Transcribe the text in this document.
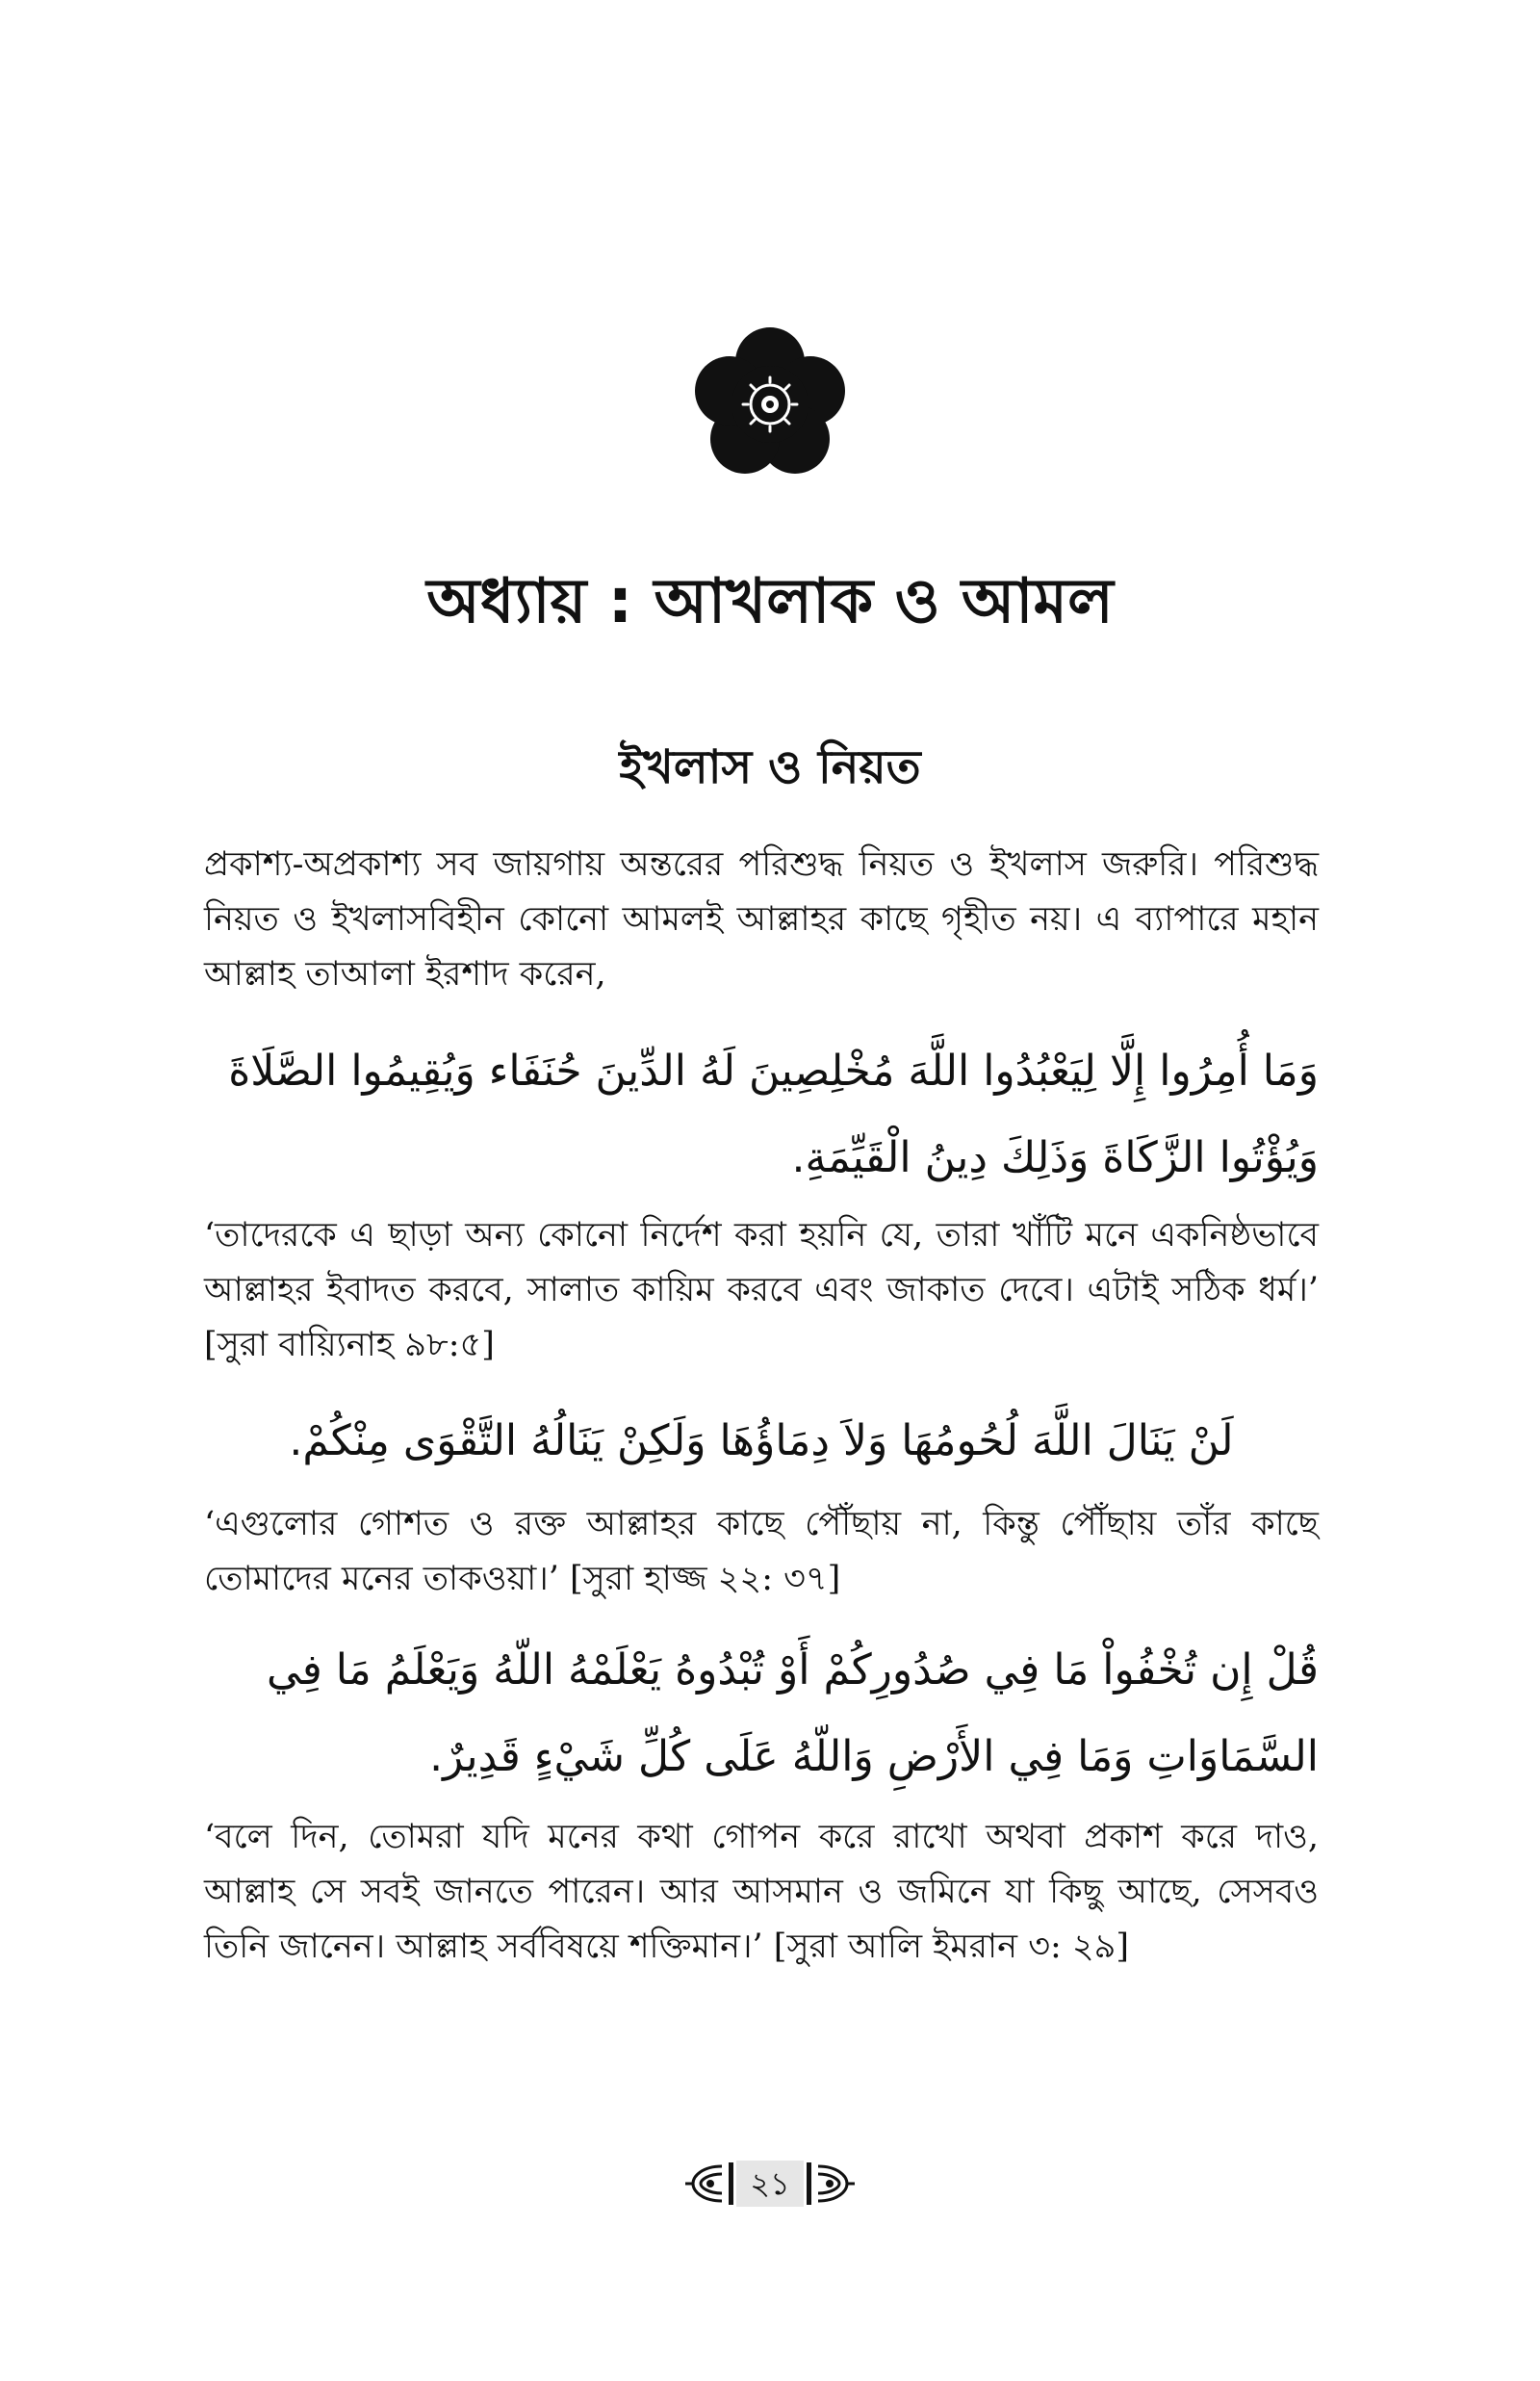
অধ্যায় : আখলাক ও আমল
ইখলাস ও নিয়ত

প্রকাশ্য-অপ্রকাশ্য সব জায়গায় অন্তরের পরিশুদ্ধ নিয়ত ও ইখলাস জরুরি। পরিশুদ্ধ নিয়ত ও ইখলাসবিহীন কোনো আমলই আল্লাহর কাছে গৃহীত নয়। এ ব্যাপারে মহান আল্লাহ তাআলা ইরশাদ করেন,

وَمَا أُمِرُوا إِلَّا لِيَعْبُدُوا اللَّهَ مُخْلِصِينَ لَهُ الدِّينَ حُنَفَاء وَيُقِيمُوا الصَّلَاةَ وَيُؤْتُوا الزَّكَاةَ وَذَلِكَ دِينُ الْقَيِّمَةِ.

‘তাদেরকে এ ছাড়া অন্য কোনো নির্দেশ করা হয়নি যে, তারা খাঁটি মনে একনিষ্ঠভাবে আল্লাহর ইবাদত করবে, সালাত কায়িম করবে এবং জাকাত দেবে। এটাই সঠিক ধর্ম।’ [সুরা বায়্যিনাহ ৯৮:৫]

لَنْ يَنَالَ اللَّهَ لُحُومُهَا وَلاَ دِمَاؤُهَا وَلَكِنْ يَنَالُهُ التَّقْوَى مِنْكُمْ.

‘এগুলোর গোশত ও রক্ত আল্লাহর কাছে পৌঁছায় না, কিন্তু পৌঁছায় তাঁর কাছে তোমাদের মনের তাকওয়া।’ [সুরা হাজ্জ ২২: ৩৭]

قُلْ إِن تُخْفُواْ مَا فِي صُدُورِكُمْ أَوْ تُبْدُوهُ يَعْلَمْهُ اللّهُ وَيَعْلَمُ مَا فِي السَّمَاوَاتِ وَمَا فِي الأَرْضِ وَاللّهُ عَلَى كُلِّ شَيْءٍ قَدِيرٌ.

‘বলে দিন, তোমরা যদি মনের কথা গোপন করে রাখো অথবা প্রকাশ করে দাও, আল্লাহ সে সবই জানতে পারেন। আর আসমান ও জমিনে যা কিছু আছে, সেসবও তিনি জানেন। আল্লাহ সর্ববিষয়ে শক্তিমান।’ [সুরা আলি ইমরান ৩: ২৯]

২১
